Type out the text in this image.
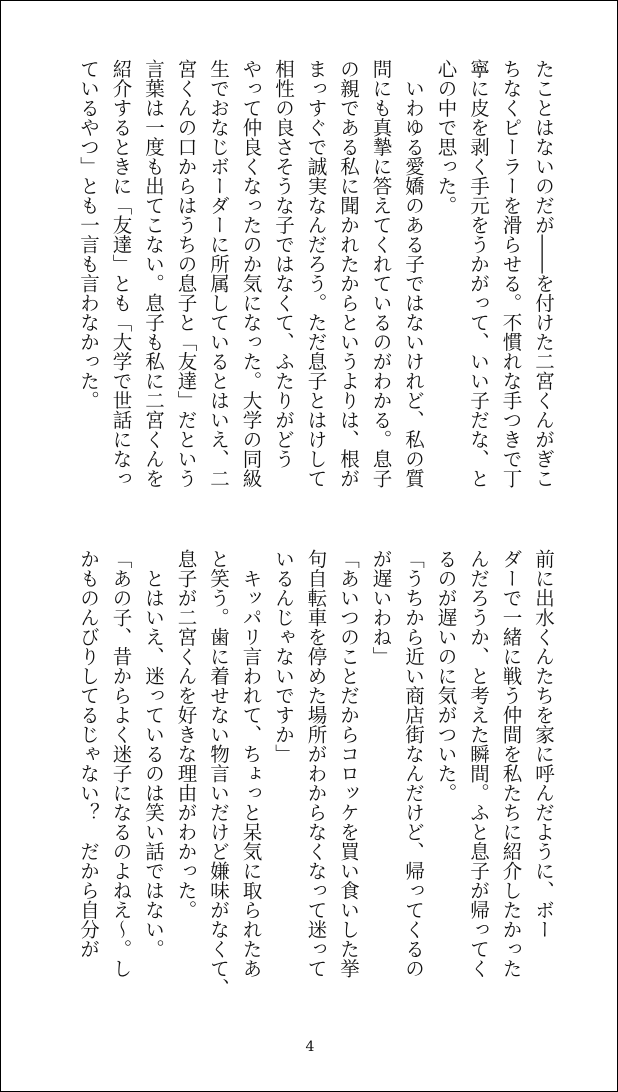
たことはないのだが――を付けた二宮くんがぎこ
ちなくピーラーを滑らせる。不慣れな手つきで丁
寧に皮を剥く手元をうかがって、いい子だな、と
心の中で思った。
　いわゆる愛嬌のある子ではないけれど、私の質
問にも真摯に答えてくれているのがわかる。息子
の親である私に聞かれたからというよりは、根が
まっすぐで誠実なんだろう。ただ息子とはけして
相性の良さそうな子ではなくて、ふたりがどう
やって仲良くなったのか気になった。大学の同級
生でおなじボーダーに所属しているとはいえ、二
宮くんの口からはうちの息子と「友達」だという
言葉は一度も出てこない。息子も私に二宮くんを
紹介するときに「友達」とも「大学で世話になっ
ているやつ」とも一言も言わなかった。
前に出水くんたちを家に呼んだように、ボー
ダーで一緒に戦う仲間を私たちに紹介したかった
んだろうか、と考えた瞬間。ふと息子が帰ってく
るのが遅いのに気がついた。
「うちから近い商店街なんだけど、帰ってくるの
が遅いわね」
「あいつのことだからコロッケを買い食いした挙
句自転車を停めた場所がわからなくなって迷って
いるんじゃないですか」
　キッパリ言われて、ちょっと呆気に取られたあ
と笑う。歯に着せない物言いだけど嫌味がなくて、
息子が二宮くんを好きな理由がわかった。
　とはいえ、迷っているのは笑い話ではない。
「あの子、昔からよく迷子になるのよねえ～。し
かものんびりしてるじゃない？　だから自分が
4
